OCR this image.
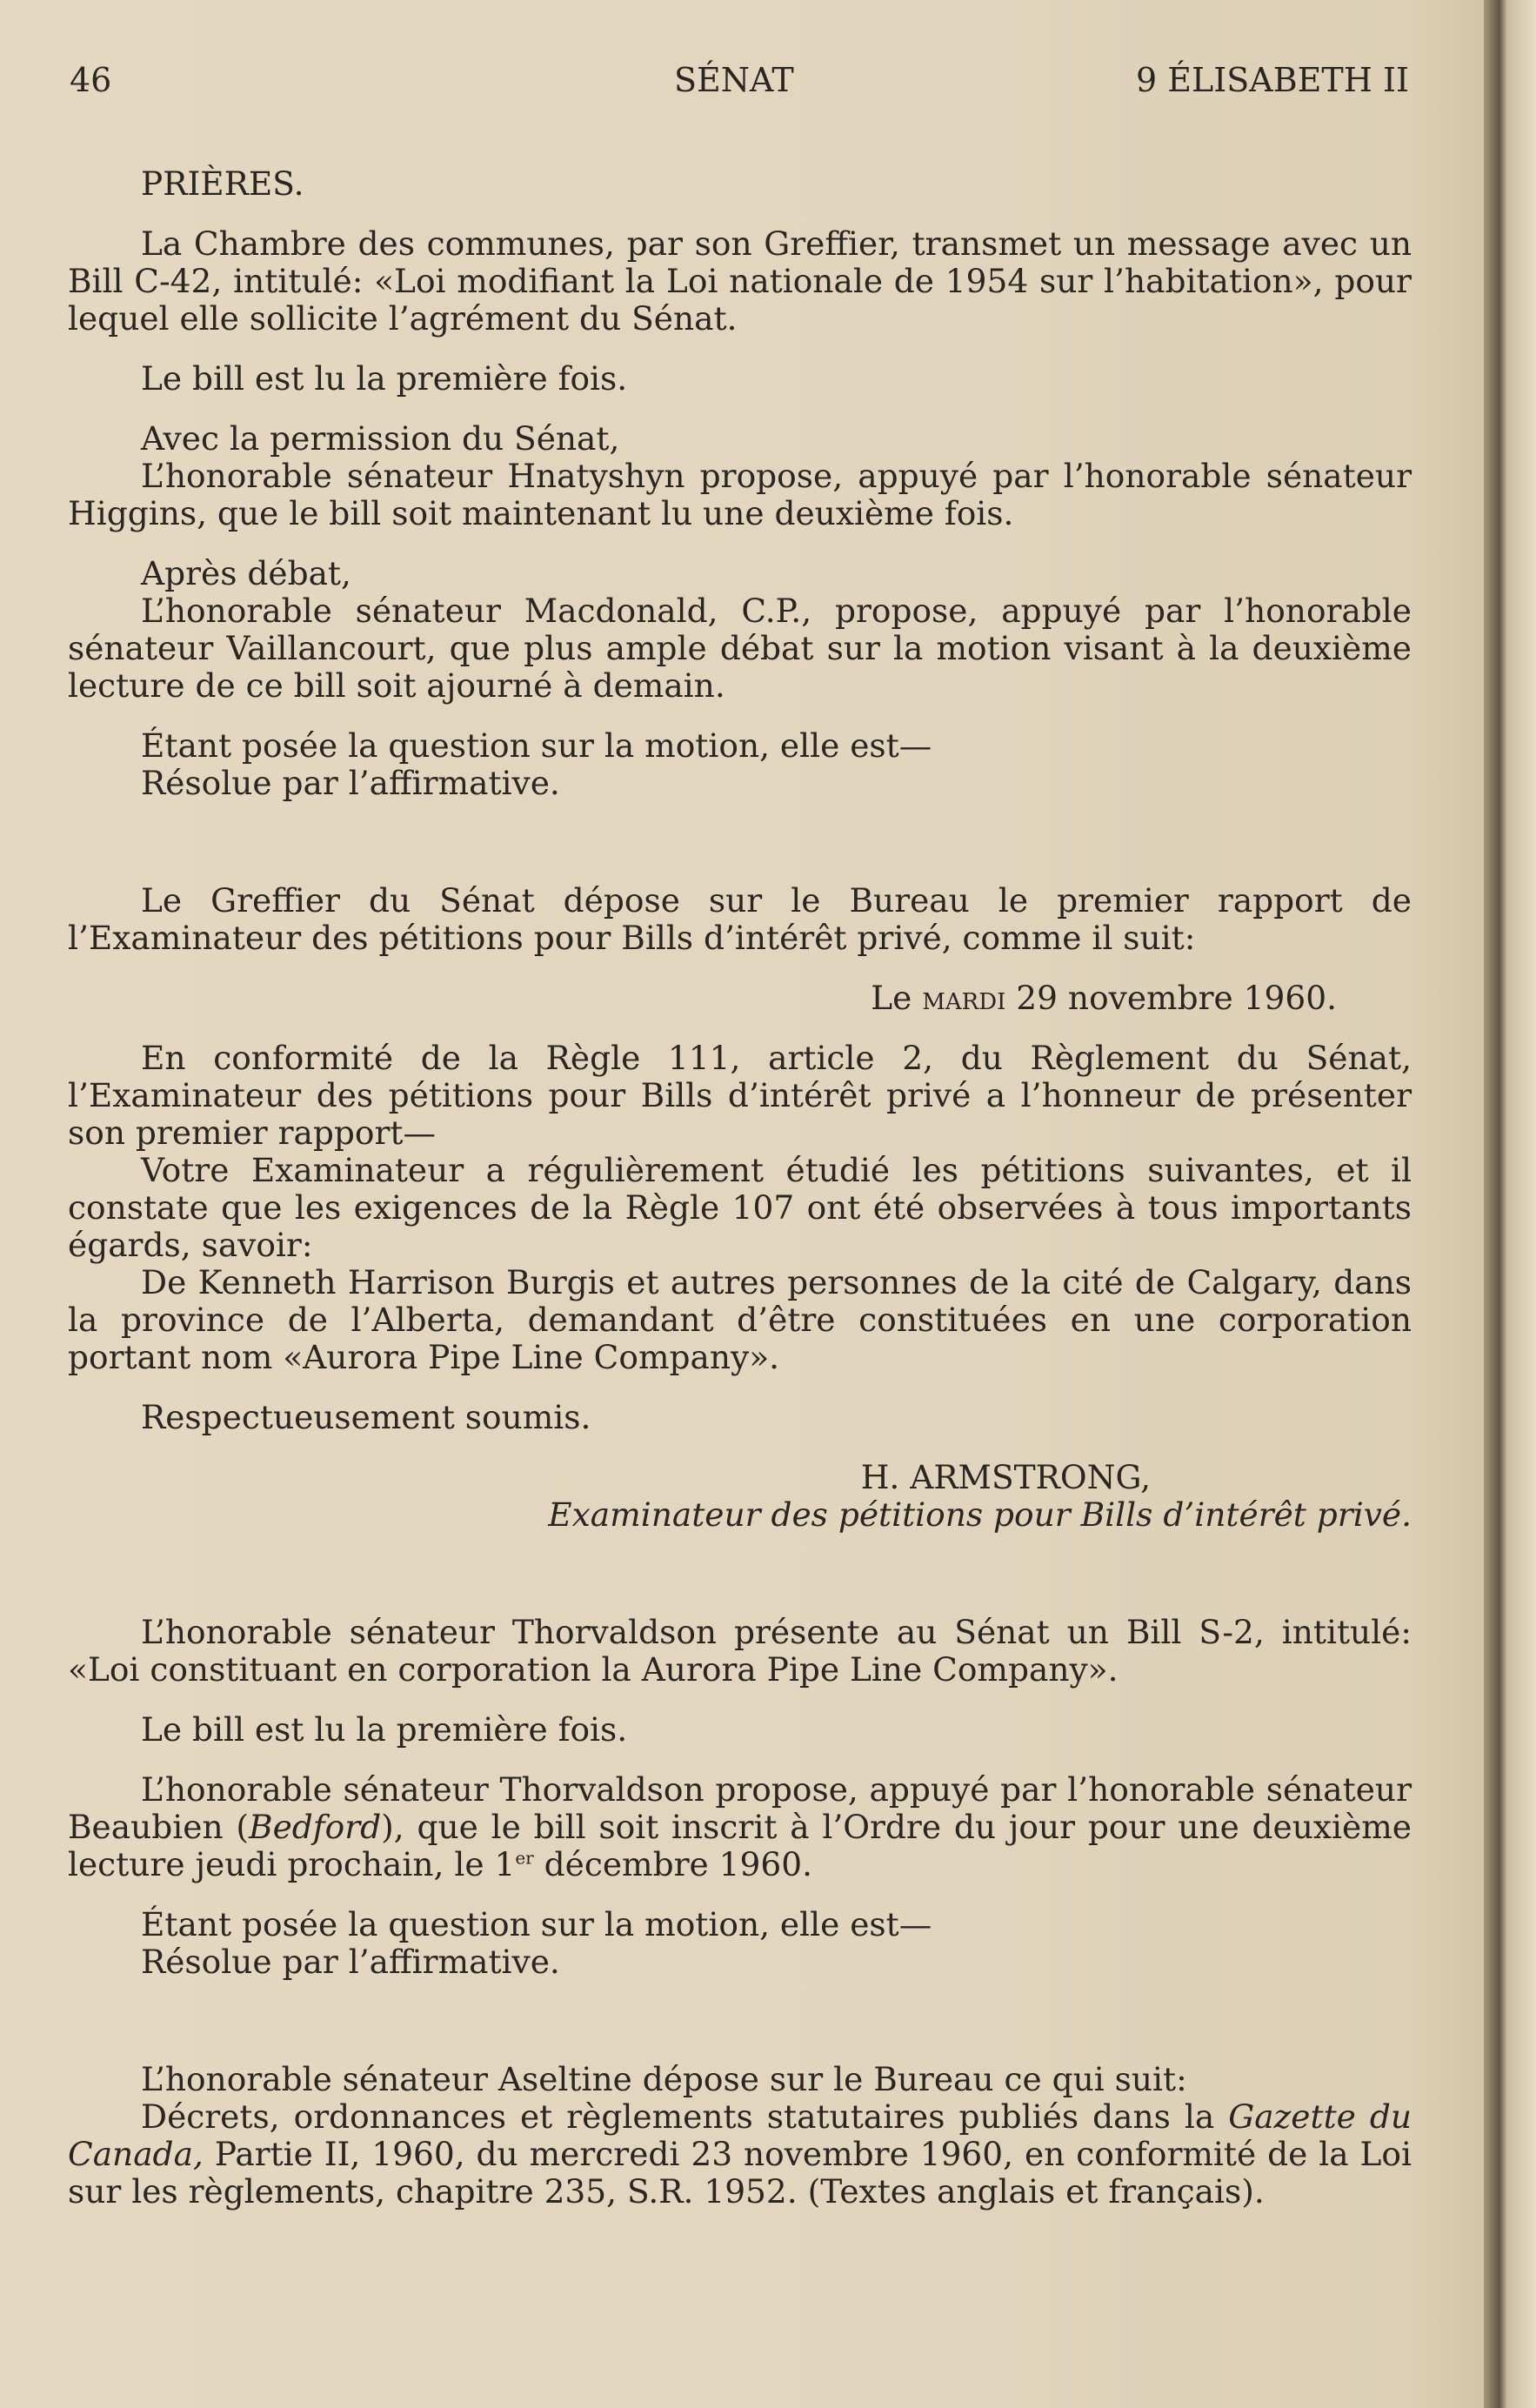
46	SÉNAT	9 ÉLISABETH II

PRIÈRES.

La Chambre des communes, par son Greffier, transmet un message avec un Bill C-42, intitulé: «Loi modifiant la Loi nationale de 1954 sur l’habitation», pour lequel elle sollicite l’agrément du Sénat.

Le bill est lu la première fois.

Avec la permission du Sénat,

L’honorable sénateur Hnatyshyn propose, appuyé par l’honorable sénateur Higgins, que le bill soit maintenant lu une deuxième fois.

Après débat,

L’honorable sénateur Macdonald, C.P., propose, appuyé par l’honorable sénateur Vaillancourt, que plus ample débat sur la motion visant à la deuxième lecture de ce bill soit ajourné à demain.

Étant posée la question sur la motion, elle est—

Résolue par l’affirmative.

Le Greffier du Sénat dépose sur le Bureau le premier rapport de l’Examinateur des pétitions pour Bills d’intérêt privé, comme il suit:

Le mardi 29 novembre 1960.

En conformité de la Règle 111, article 2, du Règlement du Sénat, l’Examinateur des pétitions pour Bills d’intérêt privé a l’honneur de présenter son premier rapport—

Votre Examinateur a régulièrement étudié les pétitions suivantes, et il constate que les exigences de la Règle 107 ont été observées à tous importants égards, savoir:

De Kenneth Harrison Burgis et autres personnes de la cité de Calgary, dans la province de l’Alberta, demandant d’être constituées en une corporation portant nom «Aurora Pipe Line Company».

Respectueusement soumis.

H. ARMSTRONG,

Examinateur des pétitions pour Bills d’intérêt privé.

L’honorable sénateur Thorvaldson présente au Sénat un Bill S-2, intitulé: «Loi constituant en corporation la Aurora Pipe Line Company».

Le bill est lu la première fois.

L’honorable sénateur Thorvaldson propose, appuyé par l’honorable sénateur Beaubien (Bedford), que le bill soit inscrit à l’Ordre du jour pour une deuxième lecture jeudi prochain, le 1er décembre 1960.

Étant posée la question sur la motion, elle est—

Résolue par l’affirmative.

L’honorable sénateur Aseltine dépose sur le Bureau ce qui suit:

Décrets, ordonnances et règlements statutaires publiés dans la Gazette du Canada, Partie II, 1960, du mercredi 23 novembre 1960, en conformité de la Loi sur les règlements, chapitre 235, S.R. 1952. (Textes anglais et français).
